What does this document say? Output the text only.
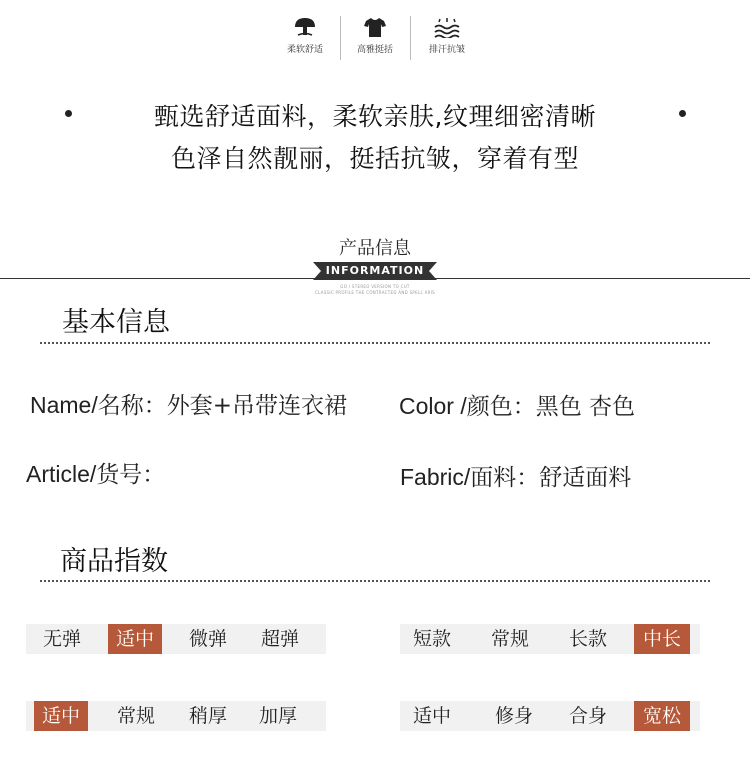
柔软舒适	高雅挺括	排汗抗皱
甄选舒适面料，柔软亲肤,纹理细密清晰
色泽自然靓丽，挺括抗皱，穿着有型
产品信息
INFORMATION
GO / STEREO VERSION TO CUT
CLASSIC PROFILE THE CONTRACTED AND SPELL ARIS
基本信息
Name/名称：外套+吊带连衣裙 Color /颜色：黑色 杏色
Article/货号：	Fabric/面料：舒适面料
商品指数
无弹	适中	微弹	超弹	短款	常规	长款	中长
适中	常规	稍厚	加厚	适中	修身	合身	宽松
